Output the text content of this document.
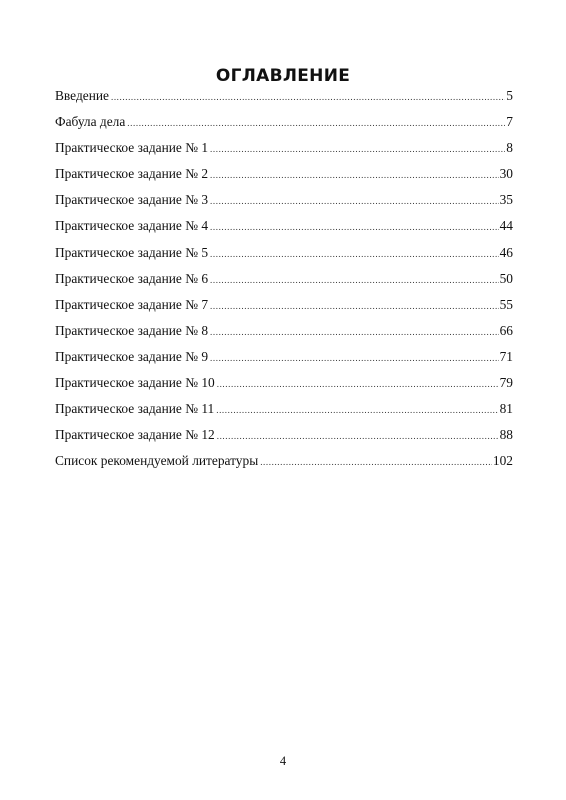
ОГЛАВЛЕНИЕ
Введение .....	5
Фабула дела .....	7
Практическое задание № 1 .....	8
Практическое задание № 2 .....	30
Практическое задание № 3 .....	35
Практическое задание № 4 .....	44
Практическое задание № 5 .....	46
Практическое задание № 6 .....	50
Практическое задание № 7 .....	55
Практическое задание № 8 .....	66
Практическое задание № 9 .....	71
Практическое задание № 10 .....	79
Практическое задание № 11 .....	81
Практическое задание № 12 .....	88
Список рекомендуемой литературы .....	102
4
